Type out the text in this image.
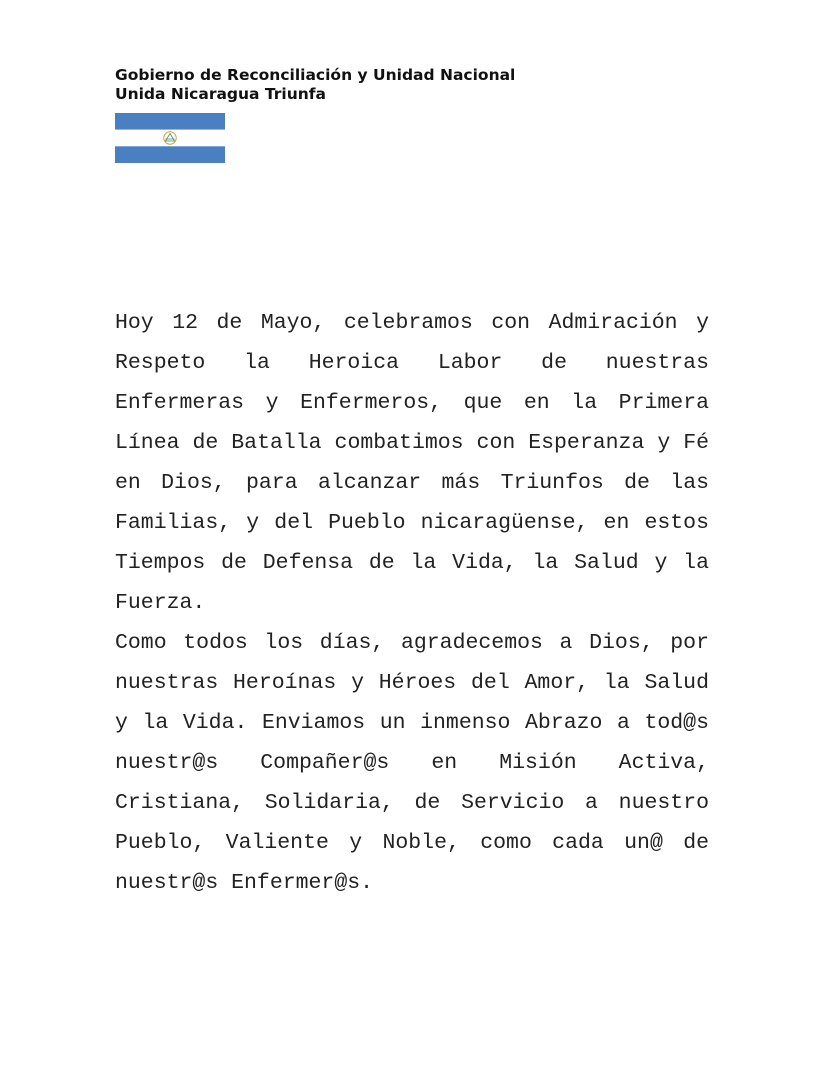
Gobierno de Reconciliación y Unidad Nacional
Unida Nicaragua Triunfa

Hoy 12 de Mayo, celebramos con Admiración y Respeto la Heroica Labor de nuestras Enfermeras y Enfermeros, que en la Primera Línea de Batalla combatimos con Esperanza y Fé en Dios, para alcanzar más Triunfos de las Familias, y del Pueblo nicaragüense, en estos Tiempos de Defensa de la Vida, la Salud y la Fuerza.

Como todos los días, agradecemos a Dios, por nuestras Heroínas y Héroes del Amor, la Salud y la Vida. Enviamos un inmenso Abrazo a tod@s nuestr@s Compañer@s en Misión Activa, Cristiana, Solidaria, de Servicio a nuestro Pueblo, Valiente y Noble, como cada un@ de nuestr@s Enfermer@s.
